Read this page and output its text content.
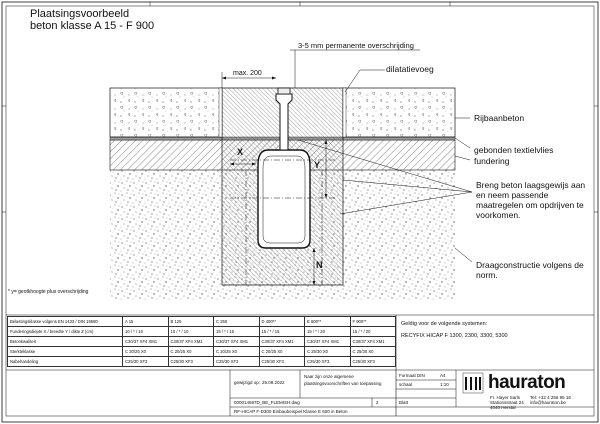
Plaatsingsvoorbeeld
beton klasse A 15 - F 900
3-5 mm permanente overschrijding
max. 200
X
Y
N
dilatatievoeg
Rijbaanbeton
gebonden textielvlies
fundering
Breng beton laagsgewijs aan
en neem passende
maatregelen om opdrijven te
voorkomen.
Draagconstructie volgens de
norm.
* y= geotkhoogte plus overschrijding
Belastingsklasse volgens EN 1433 / DIN 19580	A 15	B 125	C 250	D 400**	E 600**	F 900**
Funderingsdiepte X / breedte Y / dikte Z (cm)	10 / * / 10	10 / * / 10	15 / * / 15	15 / * / 15	15 / * / 20	15 / * / 20
Betonkwaliteit	C30/37 XF4 XM1	C30/37 XF4 XM1	C30/37 XF4 XM1	C30/37 XF4 XM1	C30/37 XF4 XM1	C30/37 XF4 XM1
Sterkteklasse	C 20/25 X0	C 20/25 X0	C 20/25 X0	C 20/25 X0	C 25/30 X0	C 25/30 X0
Nabehandeling	C25/30 XF3	C25/30 XF3	C25/30 XF3	C25/30 XF3	C25/30 XF3	C25/30 XF3
Geldig voor de volgende systemen:
RECYFIX HICAP F 1300, 2300, 3300, 5300
gewijzigd op: 25.09.2022
Naar zijn onze algemene
plaatsingsvoorschriften van toepassing
Formaat DIN	A4
schaal	1:10
Blatt
000014597D_BE_FLEMISH.dwg	2
RF-HICAP F-D300 Einbaubeispiel Klasse E 600 in Beton
hauraton
Fr. Hayer Sarls
Stationsstraat 24
4040 Herstal
Tel: +32 4 256 95 16
info@hauraton.be
